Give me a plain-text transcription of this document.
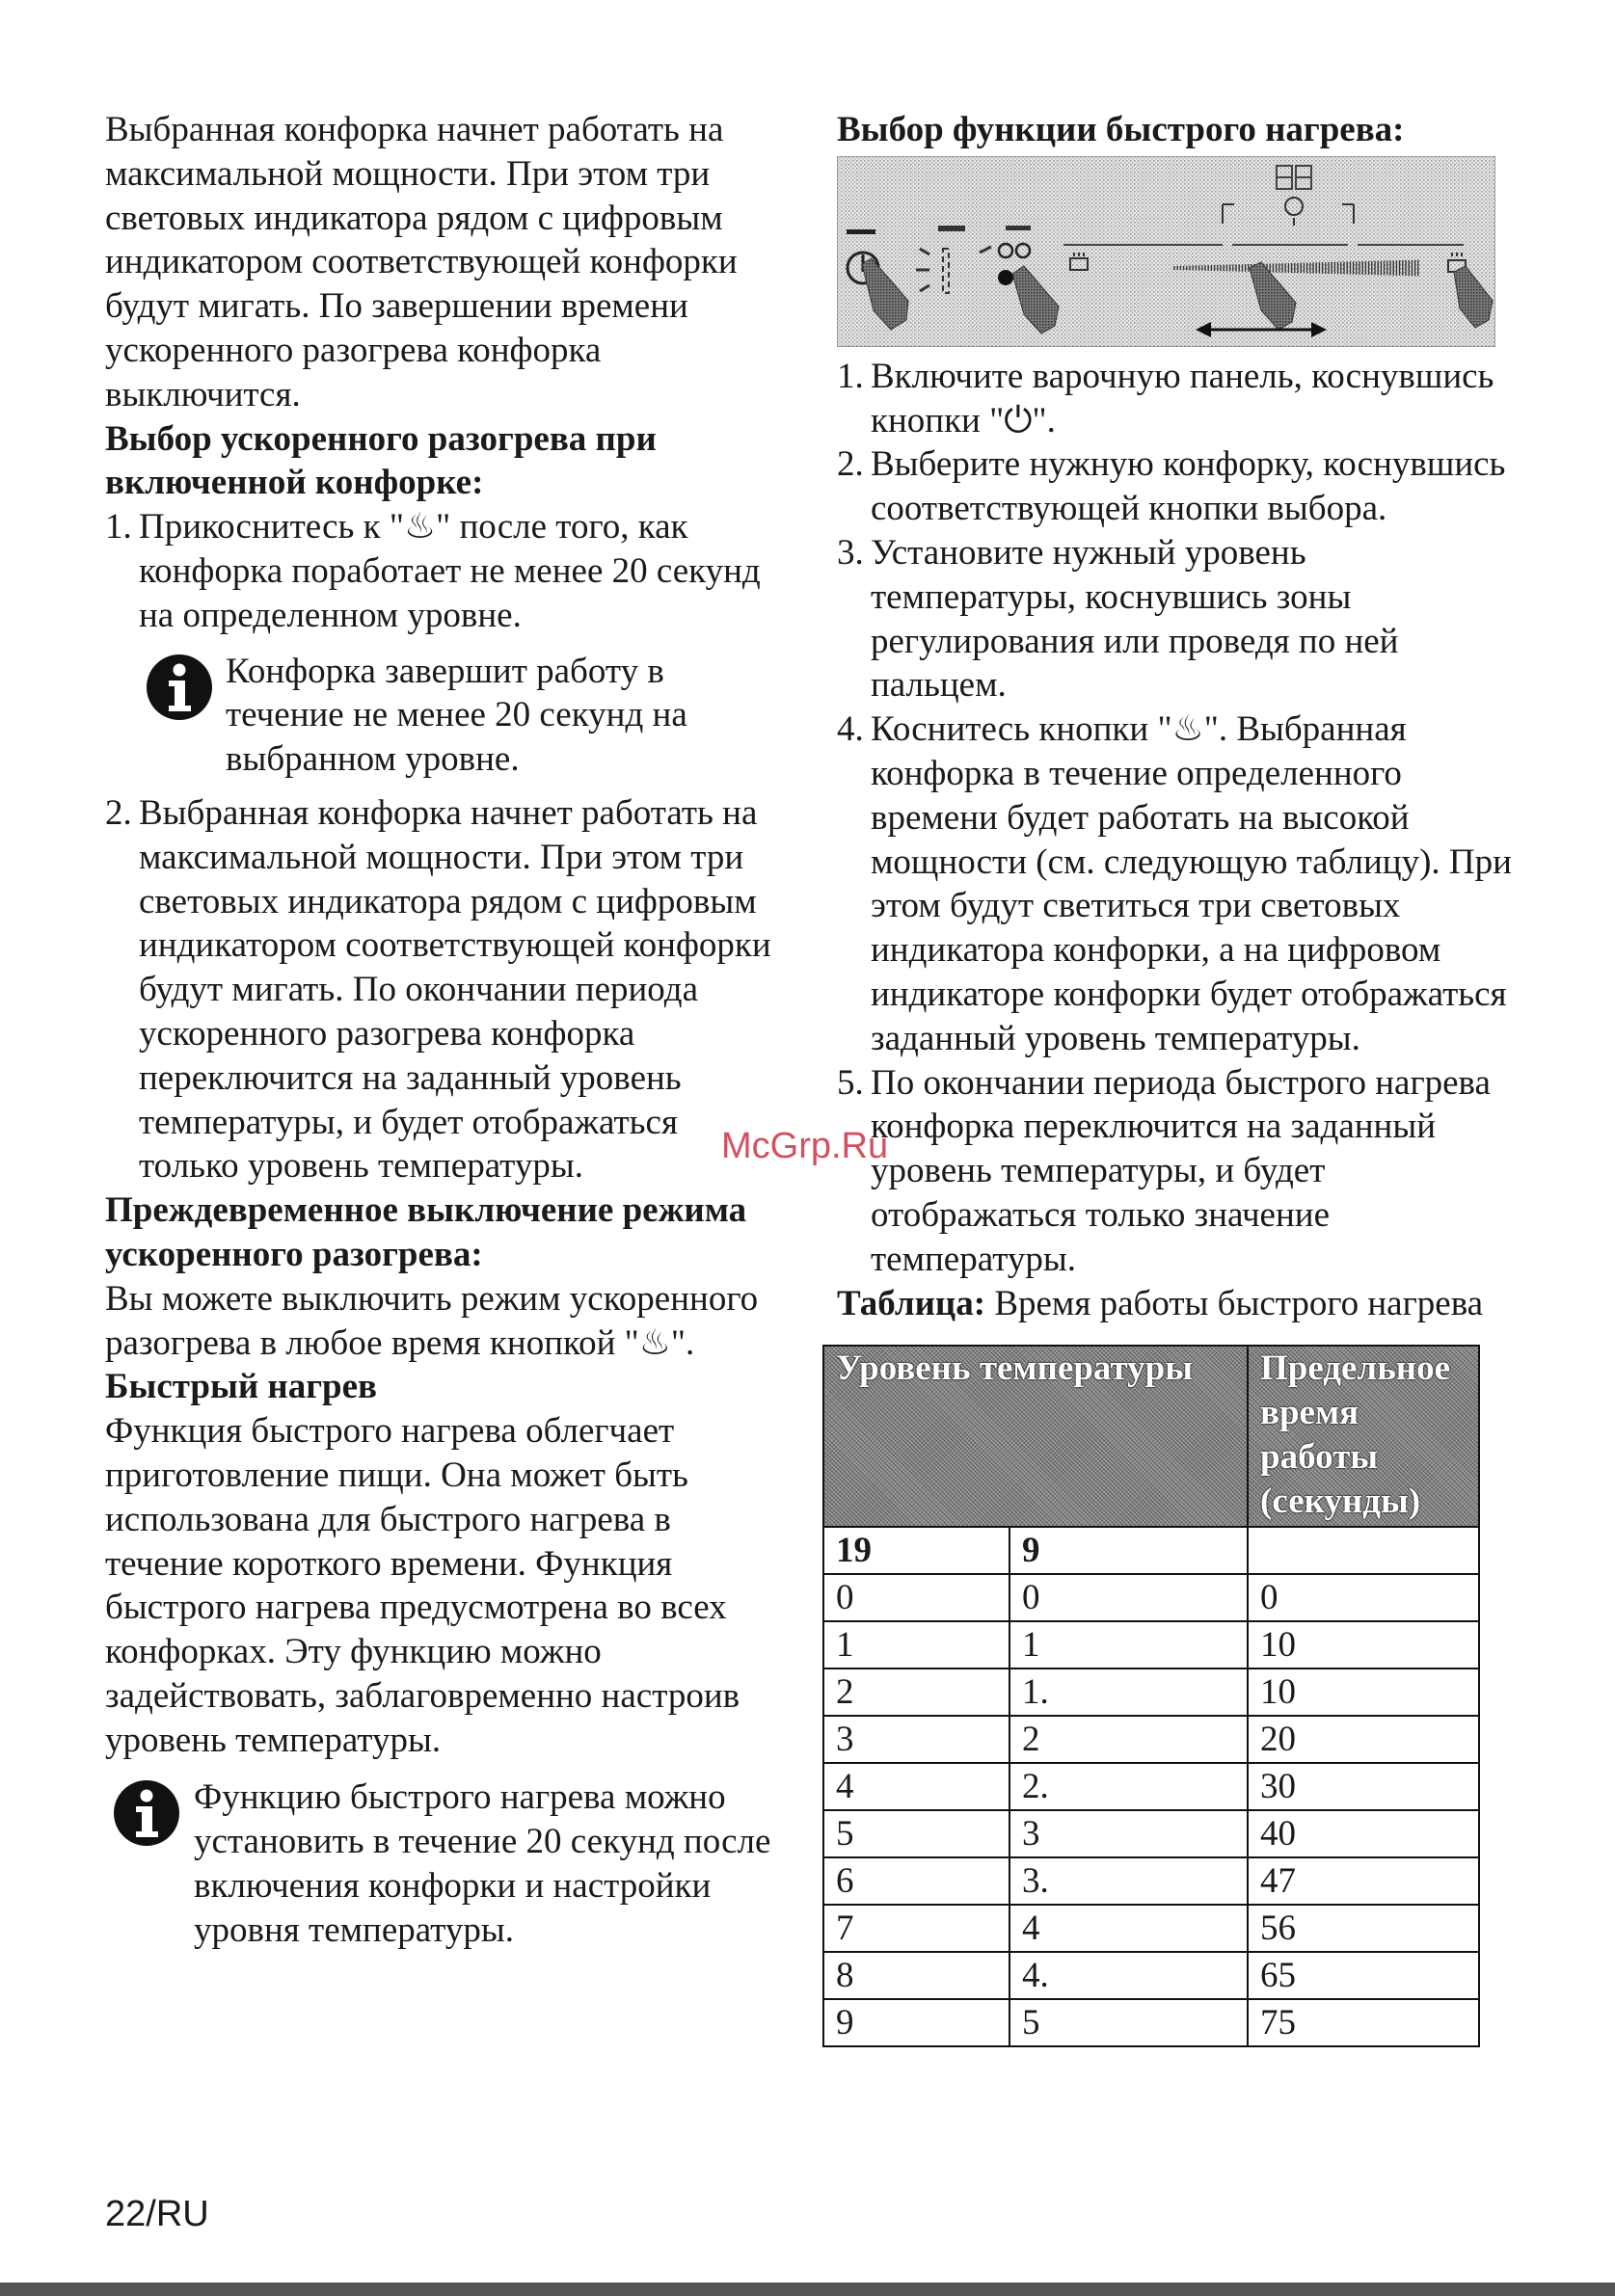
Выбранная конфорка начнет работать на максимальной мощности. При этом три световых индикатора рядом с цифровым индикатором соответствующей конфорки будут мигать. По завершении времени ускоренного разогрева конфорка выключится.

Выбор ускоренного разогрева при включенной конфорке:
1. Прикоснитесь к "♨" после того, как конфорка поработает не менее 20 секунд на определенном уровне.
Конфорка завершит работу в течение не менее 20 секунд на выбранном уровне.
2. Выбранная конфорка начнет работать на максимальной мощности. При этом три световых индикатора рядом с цифровым индикатором соответствующей конфорки будут мигать. По окончании периода ускоренного разогрева конфорка переключится на заданный уровень температуры, и будет отображаться только уровень температуры.
Преждевременное выключение режима ускоренного разогрева:

Вы можете выключить режим ускоренного разогрева в любое время кнопкой "♨".

Быстрый нагрев

Функция быстрого нагрева облегчает приготовление пищи. Она может быть использована для быстрого нагрева в течение короткого времени. Функция быстрого нагрева предусмотрена во всех конфорках. Эту функцию можно задействовать, заблаговременно настроив уровень температуры.

Функцию быстрого нагрева можно установить в течение 20 секунд после включения конфорки и настройки уровня температуры.
Выбор функции быстрого нагрева:
1. Включите варочную панель, коснувшись кнопки "⏻".
2. Выберите нужную конфорку, коснувшись соответствующей кнопки выбора.
3. Установите нужный уровень температуры, коснувшись зоны регулирования или проведя по ней пальцем.
4. Коснитесь кнопки "♨". Выбранная конфорка в течение определенного времени будет работать на высокой мощности (см. следующую таблицу). При этом будут светиться три световых индикатора конфорки, а на цифровом индикаторе конфорки будет отображаться заданный уровень температуры.
5. По окончании периода быстрого нагрева конфорка переключится на заданный уровень температуры, и будет отображаться только значение температуры.

Таблица: Время работы быстрого нагрева

Уровень температуры		Предельное время работы (секунды)
19	9	
0	0	0
1	1	10
2	1.	10
3	2	20
4	2.	30
5	3	40
6	3.	47
7	4	56
8	4.	65
9	5	75
McGrp.Ru
22/RU
